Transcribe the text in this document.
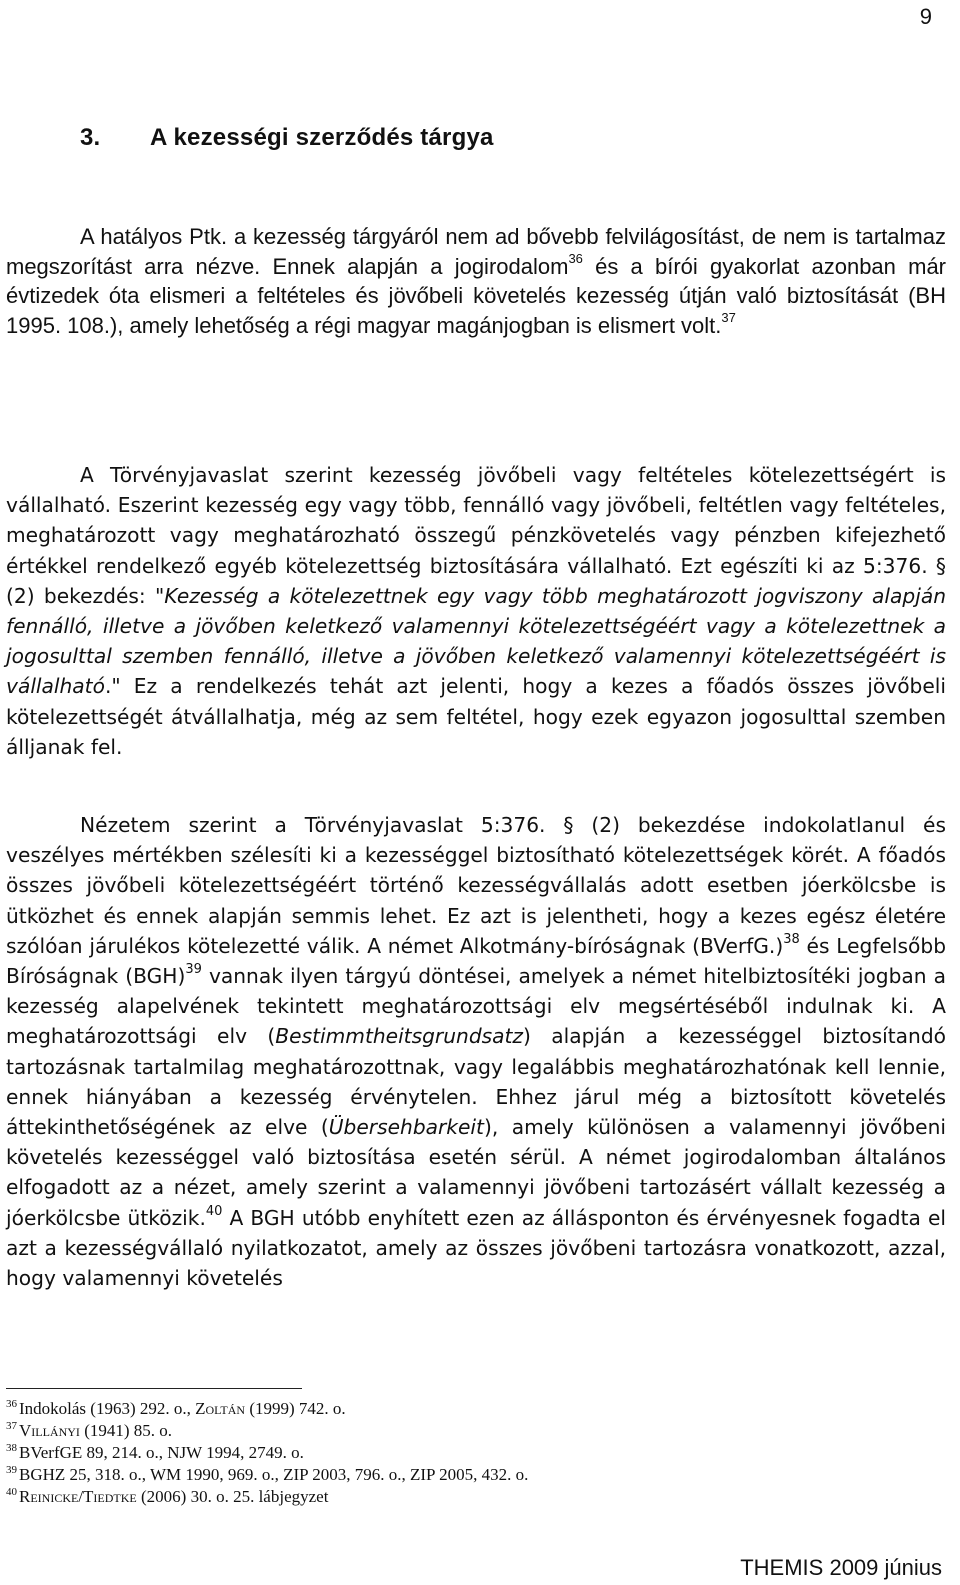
9
3. A kezességi szerződés tárgya

A hatályos Ptk. a kezesség tárgyáról nem ad bővebb felvilágosítást, de nem is tartalmaz megszorítást arra nézve. Ennek alapján a jogirodalom$^{36}$ és a bírói gyakorlat azonban már évtizedek óta elismeri a feltételes és jövőbeli követelés kezesség útján való biztosítását (BH 1995. 108.), amely lehetőség a régi magyar magánjogban is elismert volt.$^{37}$

A Törvényjavaslat szerint kezesség jövőbeli vagy feltételes kötelezettségért is vállalható. Eszerint kezesség egy vagy több, fennálló vagy jövőbeli, feltétlen vagy feltételes, meghatározott vagy meghatározható összegű pénzkövetelés vagy pénzben kifejezhető értékkel rendelkező egyéb kötelezettség biztosítására vállalható. Ezt egészíti ki az 5:376. § (2) bekezdés: "Kezesség a kötelezettnek egy vagy több meghatározott jogviszony alapján fennálló, illetve a jövőben keletkező valamennyi kötelezettségéért vagy a kötelezettnek a jogosulttal szemben fennálló, illetve a jövőben keletkező valamennyi kötelezettségéért is vállalható." Ez a rendelkezés tehát azt jelenti, hogy a kezes a főadós összes jövőbeli kötelezettségét átvállalhatja, még az sem feltétel, hogy ezek egyazon jogosulttal szemben álljanak fel.

Nézetem szerint a Törvényjavaslat 5:376. § (2) bekezdése indokolatlanul és veszélyes mértékben szélesíti ki a kezességgel biztosítható kötelezettségek körét. A főadós összes jövőbeli kötelezettségéért történő kezességvállalás adott esetben jóerkölcsbe is ütközhet és ennek alapján semmis lehet. Ez azt is jelentheti, hogy a kezes egész életére szólóan járulékos kötelezetté válik. A német Alkotmány-bíróságnak (BVerfG.)$^{38}$ és Legfelsőbb Bíróságnak (BGH)$^{39}$ vannak ilyen tárgyú döntései, amelyek a német hitelbiztosítéki jogban a kezesség alapelvének tekintett meghatározottsági elv megsértéséből indulnak ki. A meghatározottsági elv (Bestimmtheitsgrundsatz) alapján a kezességgel biztosítandó tartozásnak tartalmilag meghatározottnak, vagy legalábbis meghatározhatónak kell lennie, ennek hiányában a kezesség érvénytelen. Ehhez járul még a biztosított követelés áttekinthetőségének az elve (Übersehbarkeit), amely különösen a valamennyi jövőbeni követelés kezességgel való biztosítása esetén sérül. A német jogirodalomban általános elfogadott az a nézet, amely szerint a valamennyi jövőbeni tartozásért vállalt kezesség a jóerkölcsbe ütközik.$^{40}$ A BGH utóbb enyhített ezen az állásponton és érvényesnek fogadta el azt a kezességvállaló nyilatkozatot, amely az összes jövőbeni tartozásra vonatkozott, azzal, hogy valamennyi követelés

$^{36}$ Indokolás (1963) 292. o., Zoltán (1999) 742. o.
$^{37}$ Villányi (1941) 85. o.
$^{38}$ BVerfGE 89, 214. o., NJW 1994, 2749. o.
$^{39}$ BGHZ 25, 318. o., WM 1990, 969. o., ZIP 2003, 796. o., ZIP 2005, 432. o.
$^{40}$ Reinicke/Tiedtke (2006) 30. o. 25. lábjegyzet
THEMIS 2009 június
